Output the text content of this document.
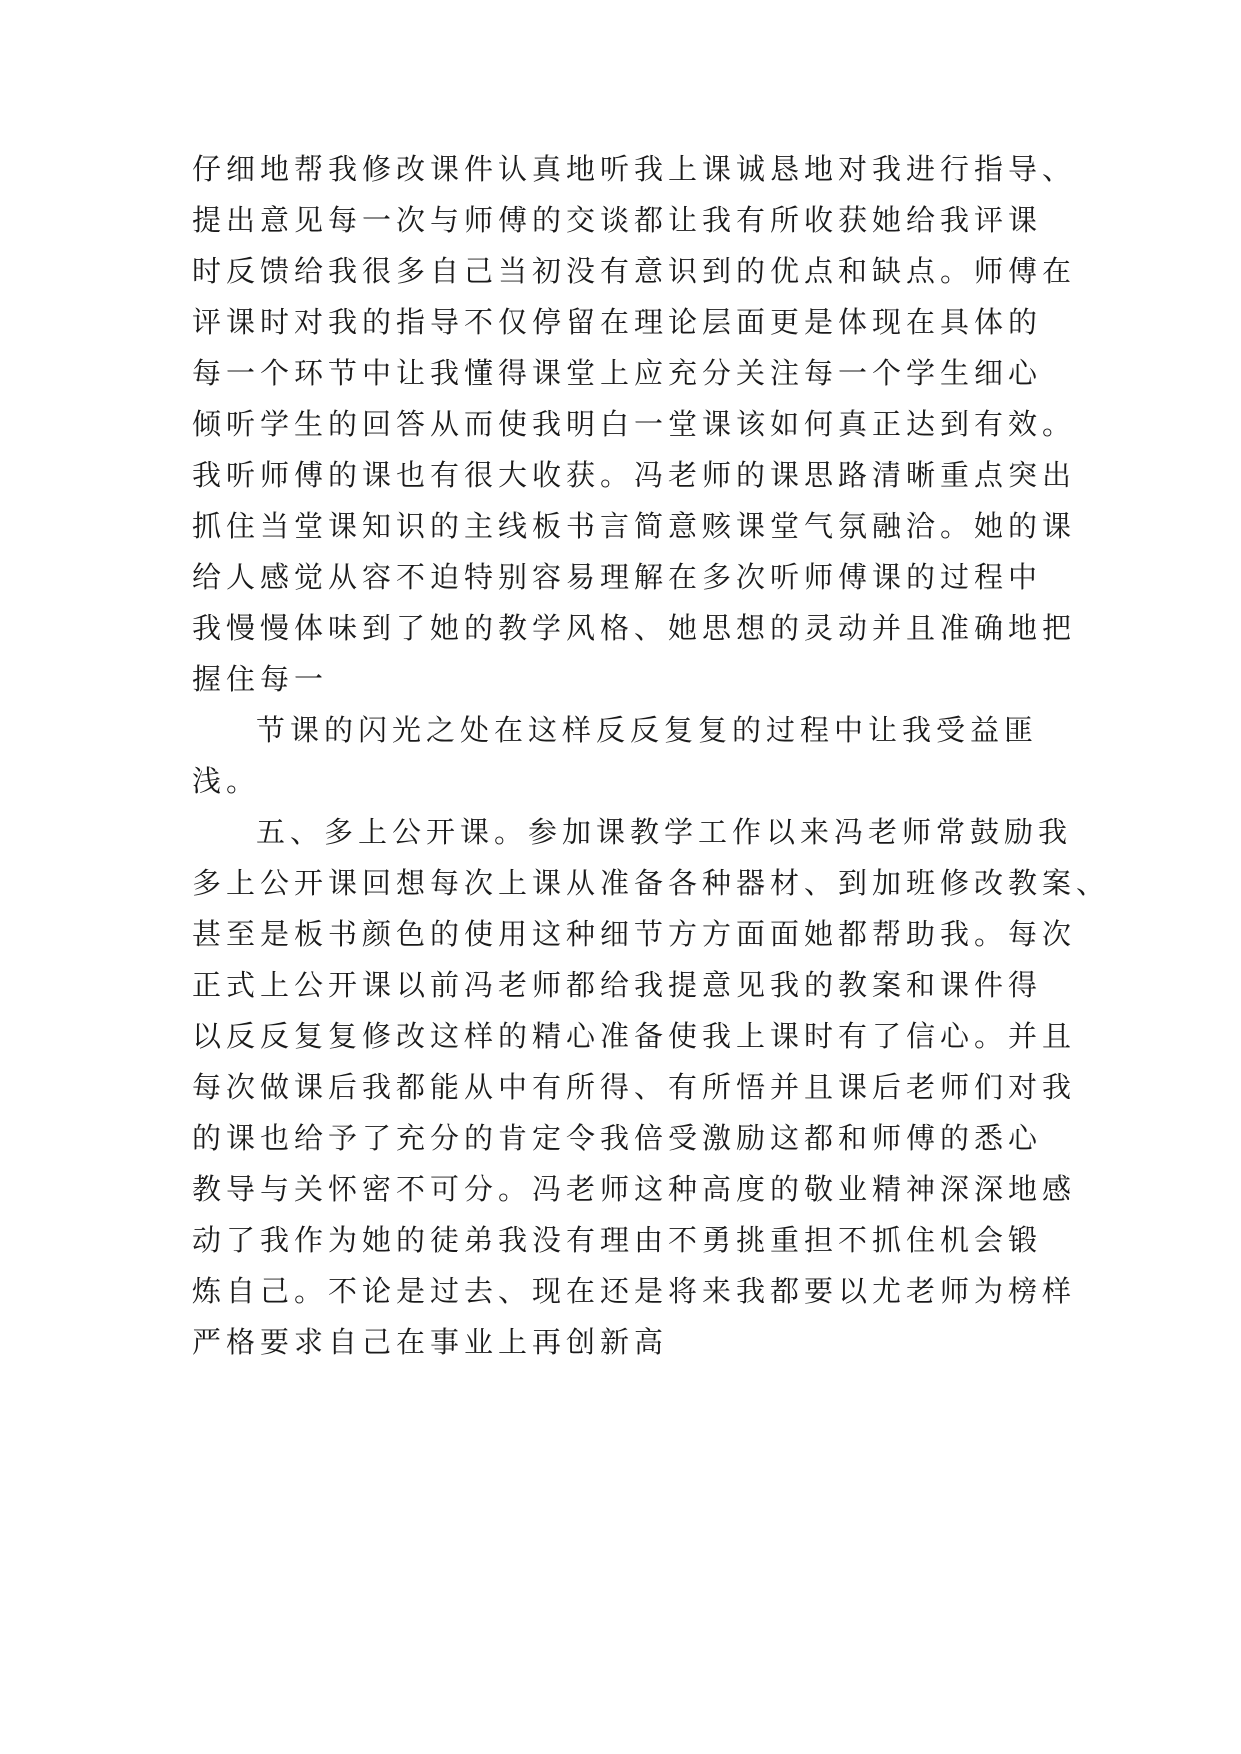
仔细地帮我修改课件认真地听我上课诚恳地对我进行指导、
提出意见每一次与师傅的交谈都让我有所收获她给我评课
时反馈给我很多自己当初没有意识到的优点和缺点。师傅在
评课时对我的指导不仅停留在理论层面更是体现在具体的
每一个环节中让我懂得课堂上应充分关注每一个学生细心
倾听学生的回答从而使我明白一堂课该如何真正达到有效。
我听师傅的课也有很大收获。冯老师的课思路清晰重点突出
抓住当堂课知识的主线板书言简意赅课堂气氛融洽。她的课
给人感觉从容不迫特别容易理解在多次听师傅课的过程中
我慢慢体味到了她的教学风格、她思想的灵动并且准确地把
握住每一
节课的闪光之处在这样反反复复的过程中让我受益匪
浅。
五、多上公开课。参加课教学工作以来冯老师常鼓励我
多上公开课回想每次上课从准备各种器材、到加班修改教案、
甚至是板书颜色的使用这种细节方方面面她都帮助我。每次
正式上公开课以前冯老师都给我提意见我的教案和课件得
以反反复复修改这样的精心准备使我上课时有了信心。并且
每次做课后我都能从中有所得、有所悟并且课后老师们对我
的课也给予了充分的肯定令我倍受激励这都和师傅的悉心
教导与关怀密不可分。冯老师这种高度的敬业精神深深地感
动了我作为她的徒弟我没有理由不勇挑重担不抓住机会锻
炼自己。不论是过去、现在还是将来我都要以尤老师为榜样
严格要求自己在事业上再创新高
